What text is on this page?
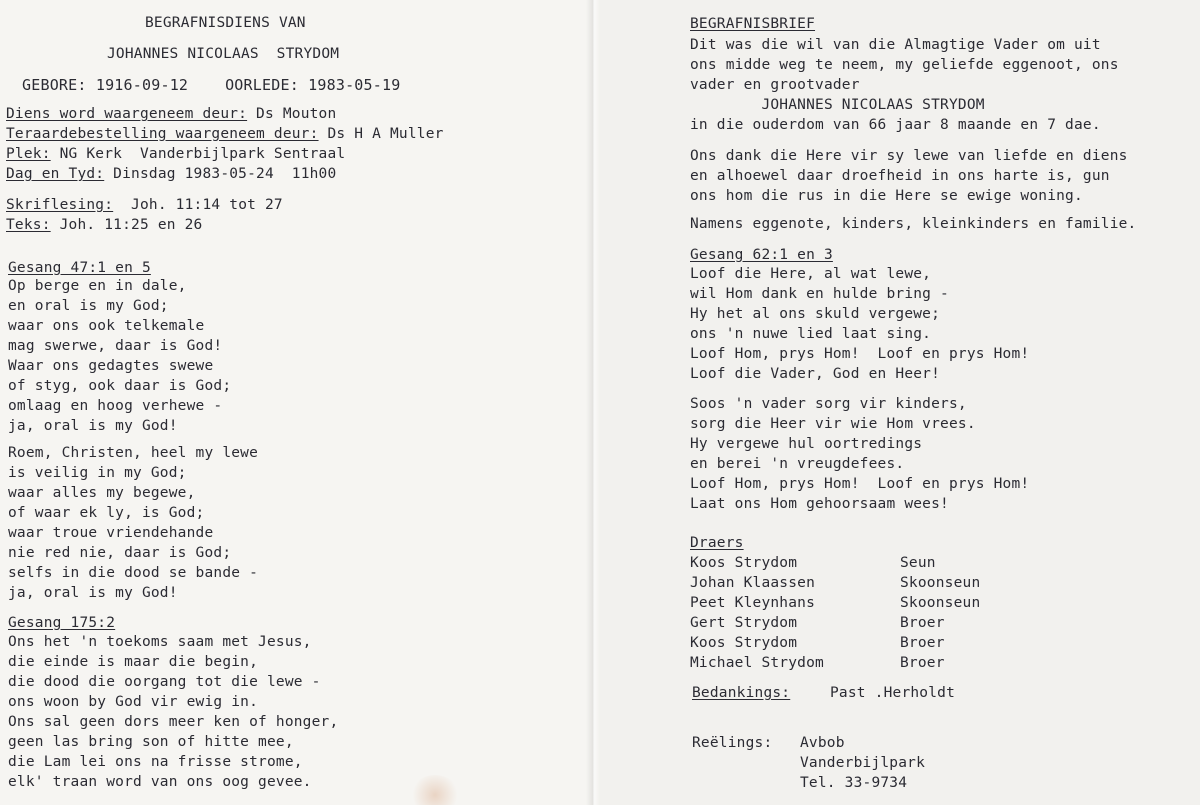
BEGRAFNISDIENS VAN
JOHANNES NICOLAAS  STRYDOM
GEBORE: 1916-09-12    OORLEDE: 1983-05-19
Diens word waargeneem deur: Ds Mouton
Teraardebestelling waargeneem deur: Ds H A Muller
Plek: NG Kerk  Vanderbijlpark Sentraal
Dag en Tyd: Dinsdag 1983-05-24  11h00
Skriflesing:  Joh. 11:14 tot 27
Teks: Joh. 11:25 en 26
Gesang 47:1 en 5
Op berge en in dale,
en oral is my God;
waar ons ook telkemale
mag swerwe, daar is God!
Waar ons gedagtes swewe
of styg, ook daar is God;
omlaag en hoog verhewe -
ja, oral is my God!
Roem, Christen, heel my lewe
is veilig in my God;
waar alles my begewe,
of waar ek ly, is God;
waar troue vriendehande
nie red nie, daar is God;
selfs in die dood se bande -
ja, oral is my God!
Gesang 175:2
Ons het 'n toekoms saam met Jesus,
die einde is maar die begin,
die dood die oorgang tot die lewe -
ons woon by God vir ewig in.
Ons sal geen dors meer ken of honger,
geen las bring son of hitte mee,
die Lam lei ons na frisse strome,
elk' traan word van ons oog gevee.
BEGRAFNISBRIEF
Dit was die wil van die Almagtige Vader om uit
ons midde weg te neem, my geliefde eggenoot, ons
vader en grootvader
JOHANNES NICOLAAS STRYDOM
in die ouderdom van 66 jaar 8 maande en 7 dae.
Ons dank die Here vir sy lewe van liefde en diens
en alhoewel daar droefheid in ons harte is, gun
ons hom die rus in die Here se ewige woning.
Namens eggenote, kinders, kleinkinders en familie.
Gesang 62:1 en 3
Loof die Here, al wat lewe,
wil Hom dank en hulde bring -
Hy het al ons skuld vergewe;
ons 'n nuwe lied laat sing.
Loof Hom, prys Hom!  Loof en prys Hom!
Loof die Vader, God en Heer!
Soos 'n vader sorg vir kinders,
sorg die Heer vir wie Hom vrees.
Hy vergewe hul oortredings
en berei 'n vreugdefees.
Loof Hom, prys Hom!  Loof en prys Hom!
Laat ons Hom gehoorsaam wees!
Draers
Koos Strydom	Seun
Johan Klaassen	Skoonseun
Peet Kleynhans	Skoonseun
Gert Strydom	Broer
Koos Strydom	Broer
Michael Strydom	Broer
Bedankings:	Past .Herholdt
Reëlings: Avbob
Vanderbijlpark
Tel. 33-9734
